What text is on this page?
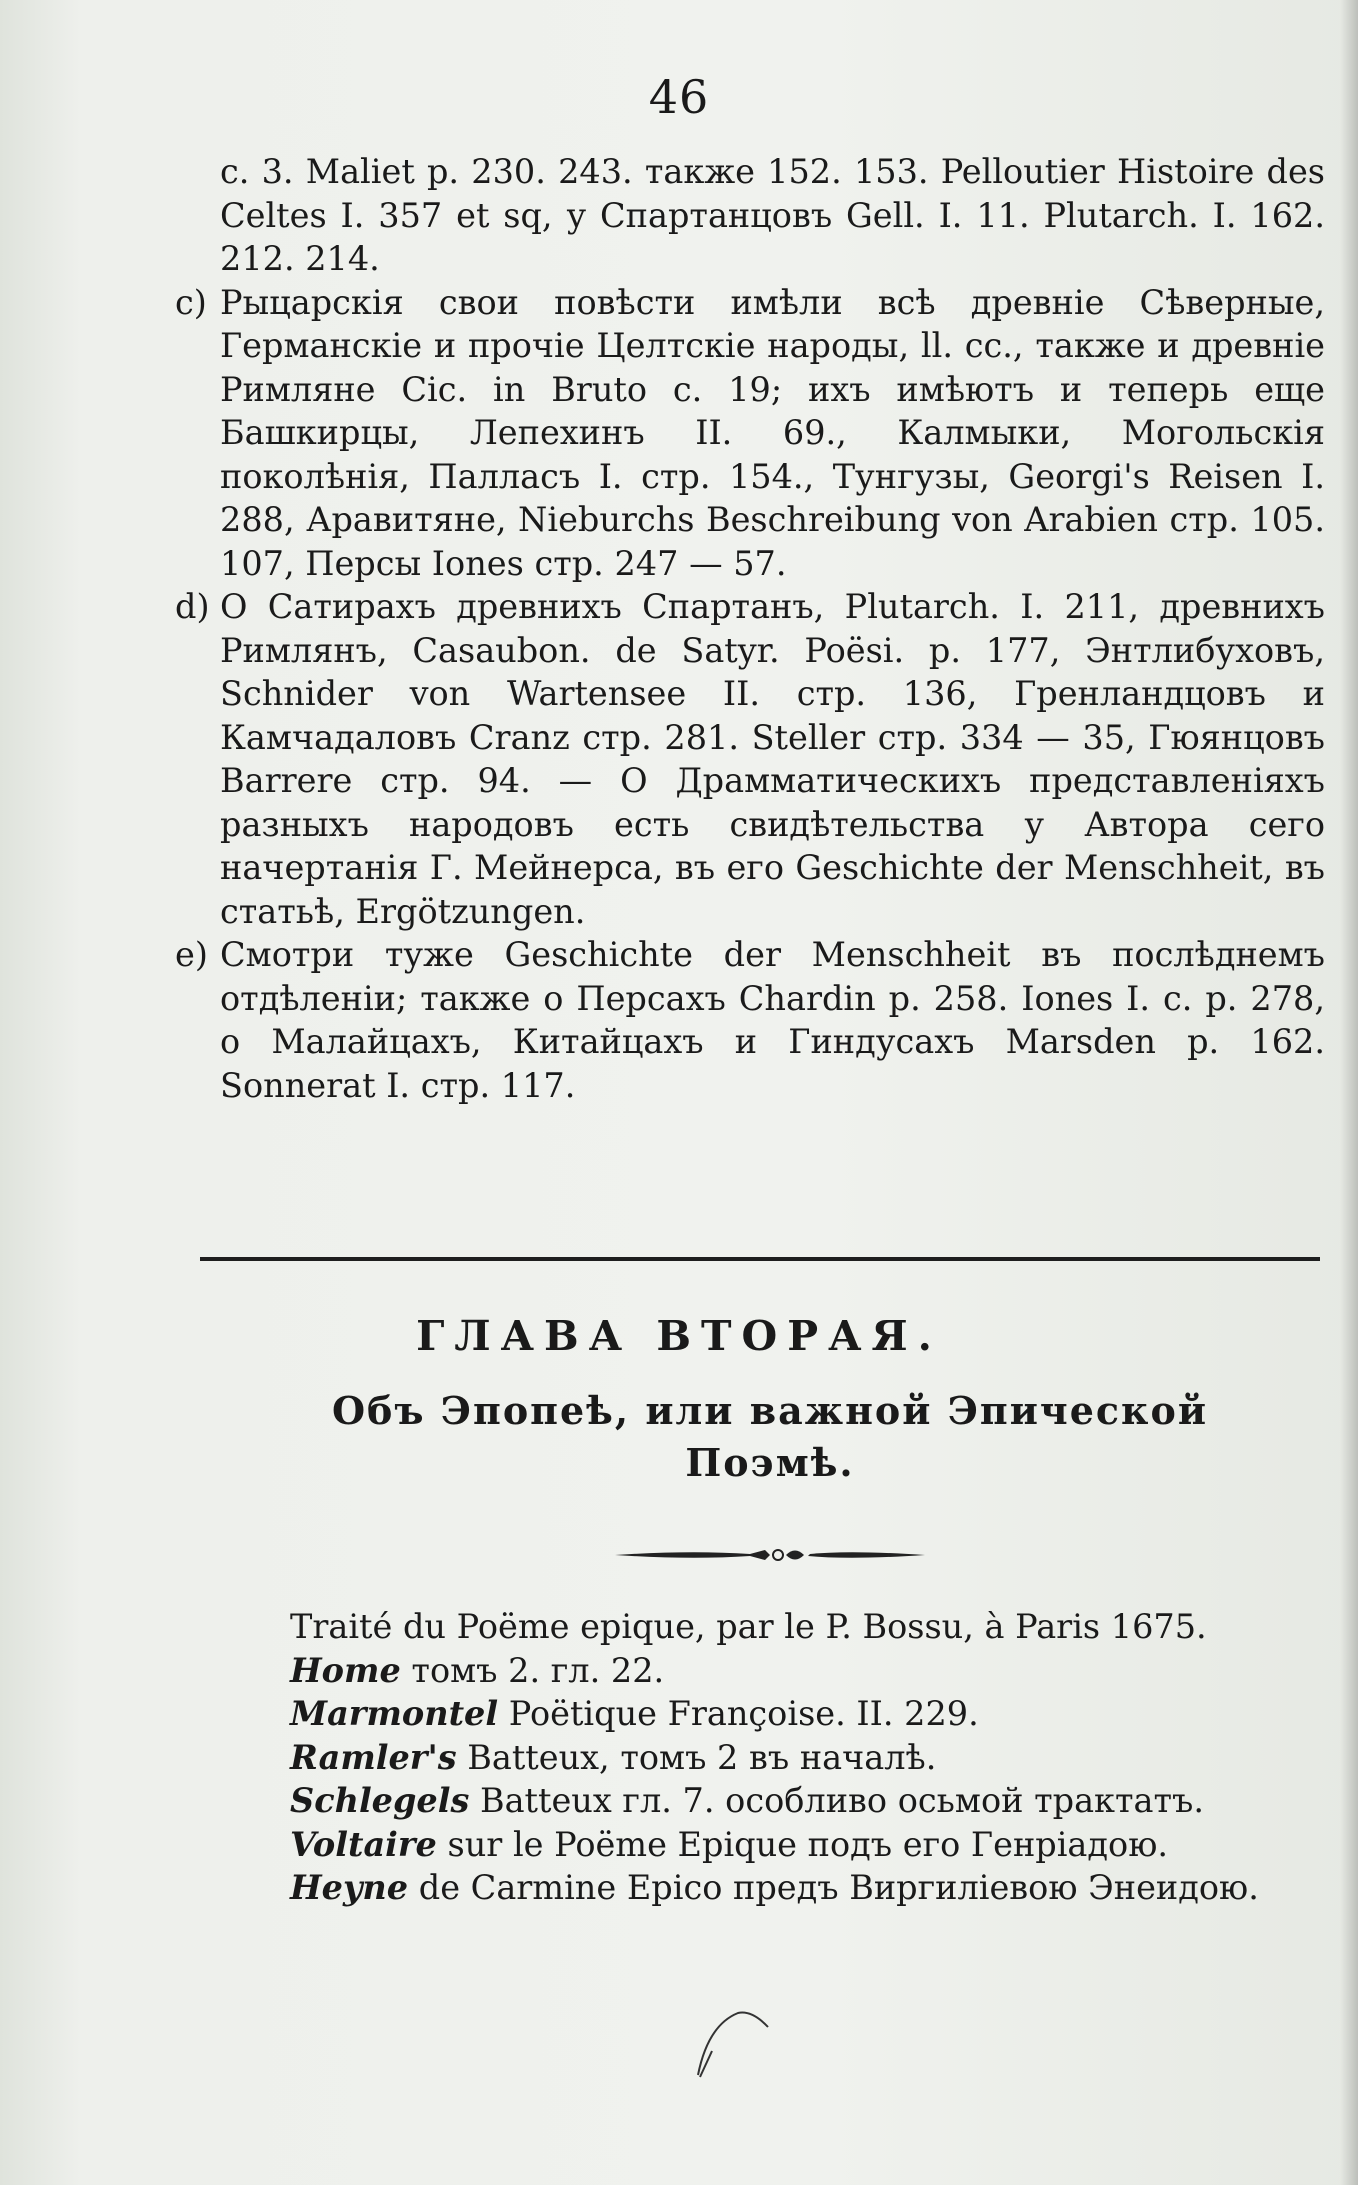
46

c. 3. Maliet p. 230. 243. также 152. 153. Pelloutier Histoire des Celtes I. 357 et sq, у Спартанцовъ Gell. I. 11. Plutarch. I. 162. 212. 214.

c) Рыцарскія свои повѣсти имѣли всѣ древніе Сѣверные, Германскіе и прочіе Целтскіе народы, ll. cc., также и древніе Римляне Cic. in Bruto c. 19; ихъ имѣютъ и теперь еще Башкирцы, Лепехинъ II. 69., Калмыки, Могольскія поколѣнія, Палласъ I. стр. 154., Тунгузы, Georgi's Reisen I. 288, Аравитяне, Nieburchs Beschreibung von Arabien стр. 105. 107, Персы Iones стр. 247 — 57.

d) О Сатирахъ древнихъ Спартанъ, Plutarch. I. 211, древнихъ Римлянъ, Casaubon. de Satyr. Poësi. p. 177, Энтлибуховъ, Schnider von Wartensee II. стр. 136, Гренландцовъ и Камчадаловъ Cranz стр. 281. Steller стр. 334 — 35, Гюянцовъ Barrere стр. 94. — О Драмматическихъ представленіяхъ разныхъ народовъ есть свидѣтельства у Автора сего начертанія Г. Мейнерса, въ его Geschichte der Menschheit, въ статьѣ, Ergötzungen.

e) Смотри тужe Geschichte der Menschheit въ послѣднемъ отдѣленіи; также о Персахъ Chardin p. 258. Iones I. c. p. 278, о Малайцахъ, Китайцахъ и Гиндусахъ Marsden p. 162. Sonnerat I. стр. 117.

ГЛАВА ВТОРАЯ.
Объ Эпопеѣ, или важной Эпической Поэмѣ.

Traité du Poëme epique, par le P. Bossu, à Paris 1675.

Home томъ 2. гл. 22.

Marmontel Poëtique Françoise. II. 229.

Ramler's Batteux, томъ 2 въ началѣ.

Schlegels Batteux гл. 7. особливо осьмой трактатъ.

Voltaire sur le Poëme Epique подъ его Генріадою.

Heyne de Carmine Epico предъ Виргиліевою Энеидою.
